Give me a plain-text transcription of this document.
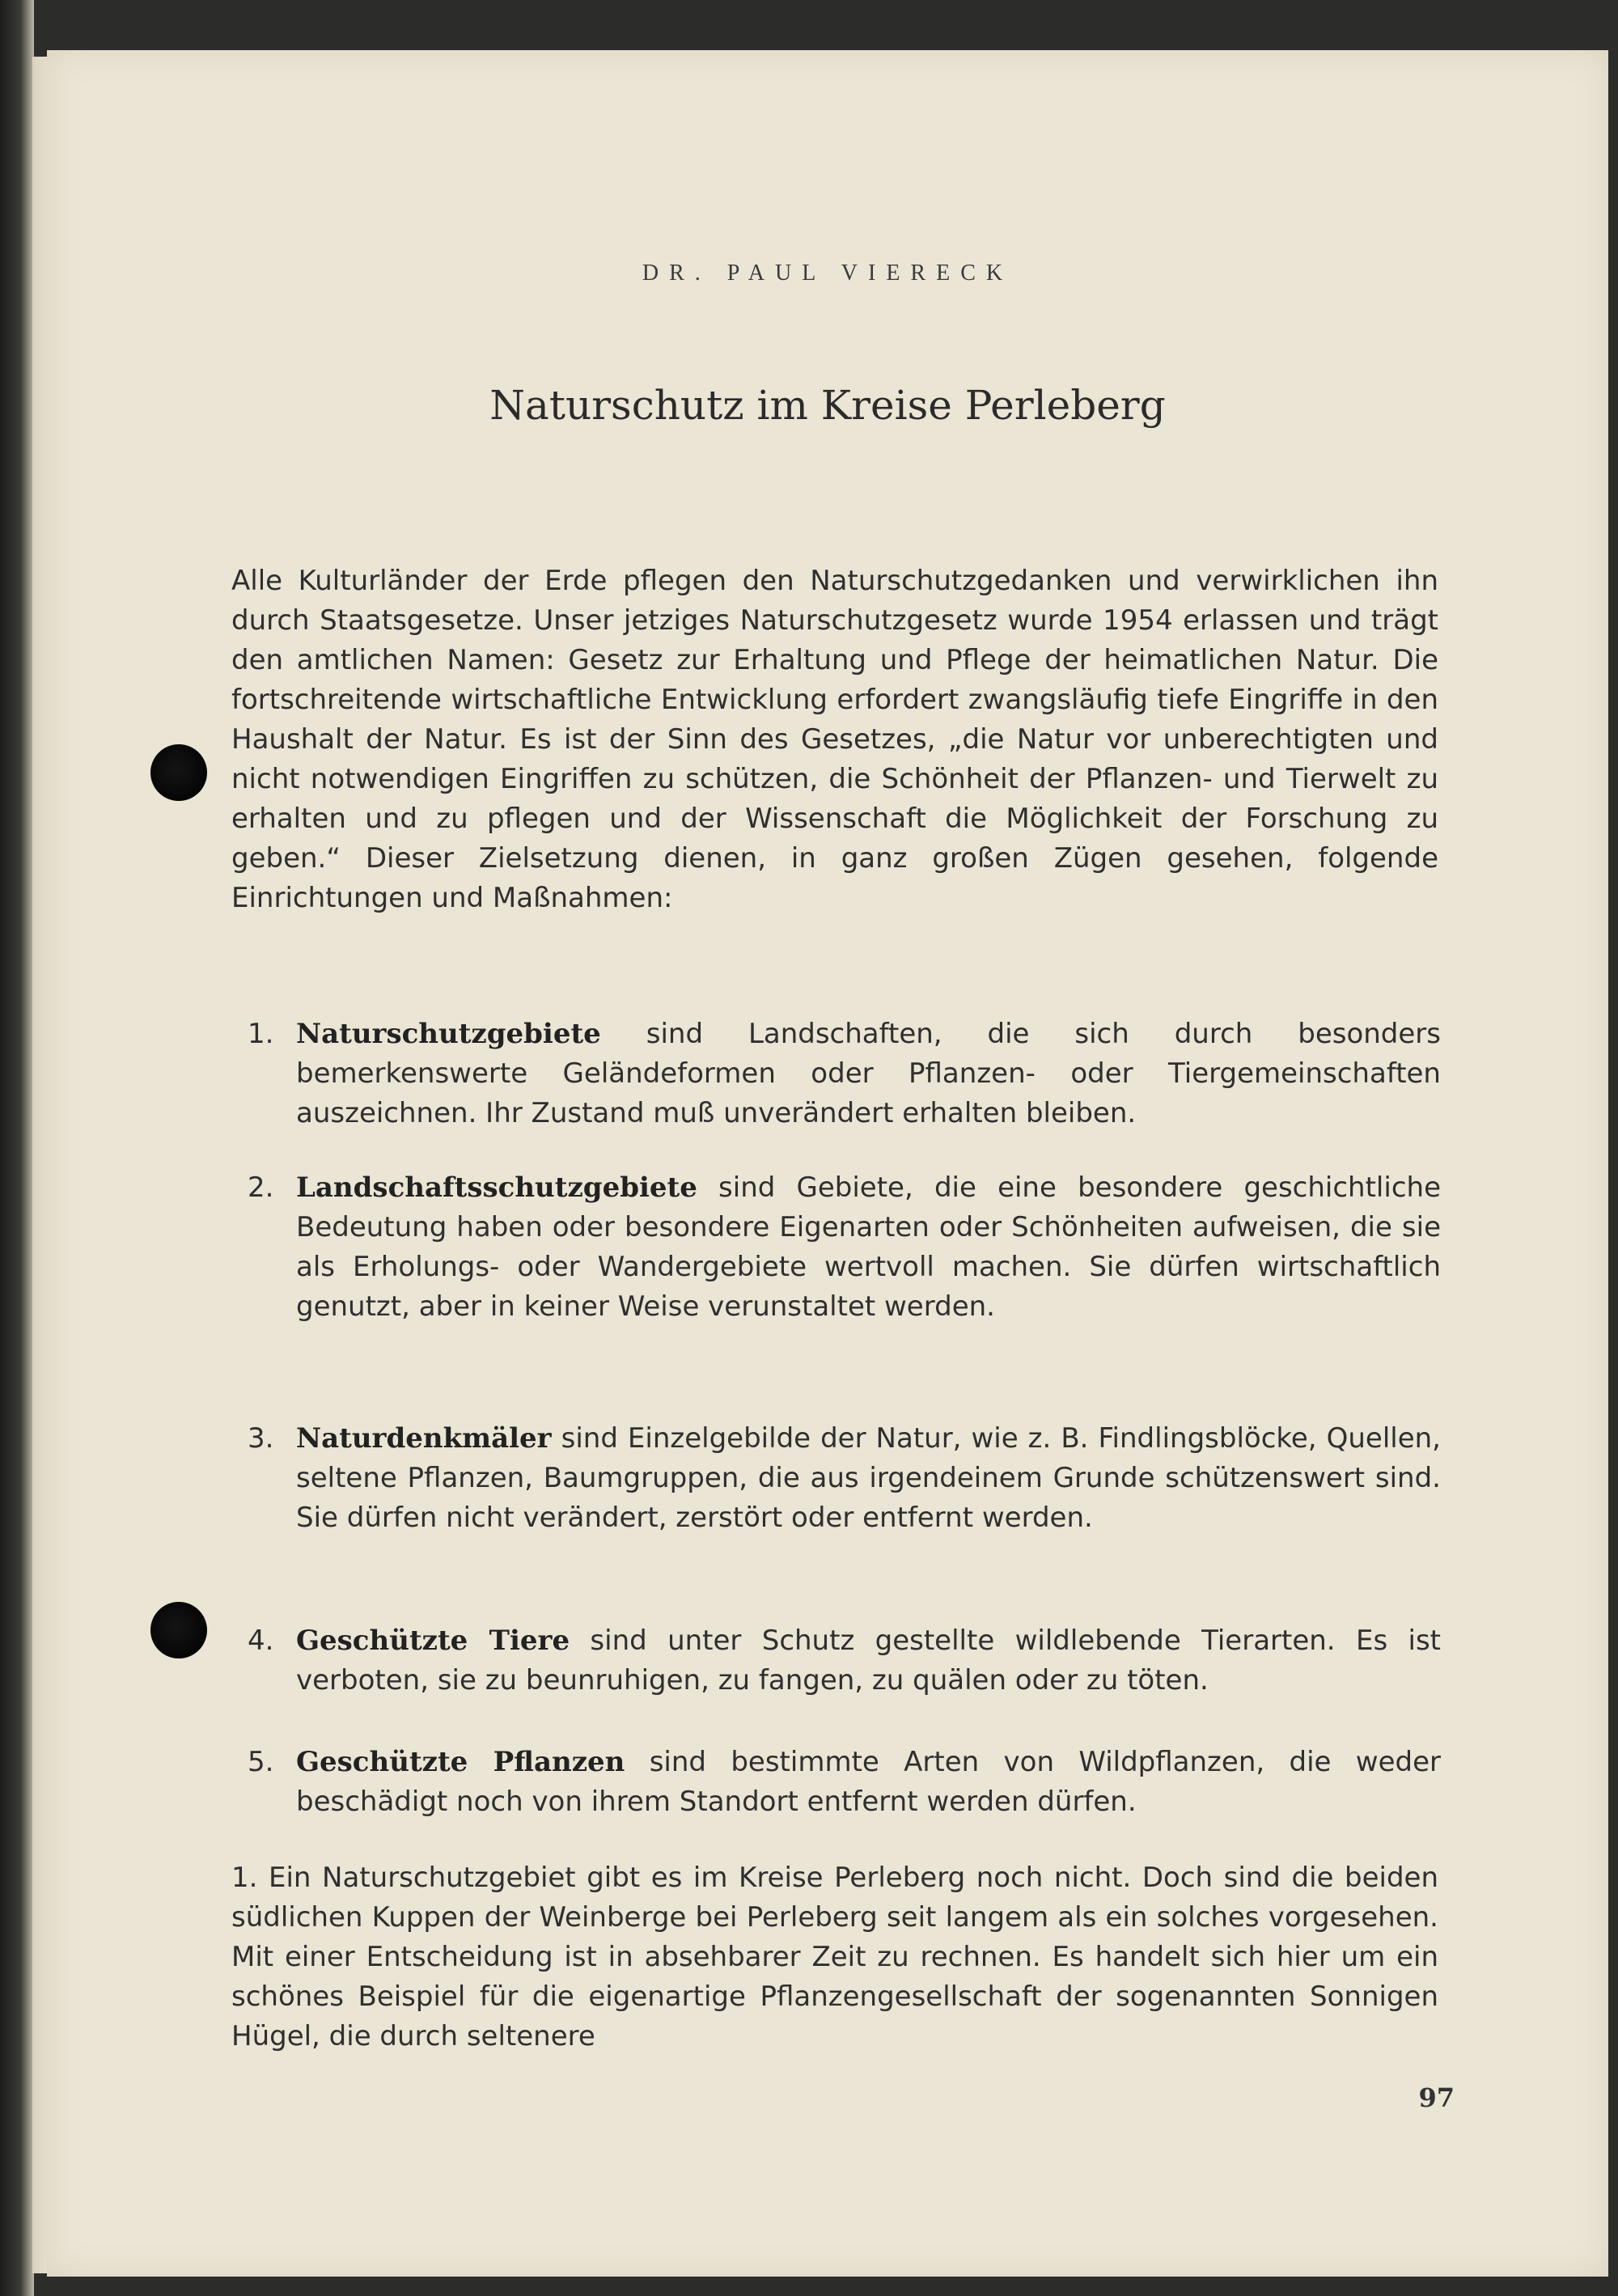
DR. PAUL VIERECK
Naturschutz im Kreise Perleberg

Alle Kulturländer der Erde pflegen den Naturschutzgedanken und verwirklichen ihn durch Staatsgesetze. Unser jetziges Naturschutzgesetz wurde 1954 erlassen und trägt den amtlichen Namen: Gesetz zur Erhaltung und Pflege der heimatlichen Natur. Die fortschreitende wirtschaftliche Entwicklung erfordert zwangsläufig tiefe Eingriffe in den Haushalt der Natur. Es ist der Sinn des Gesetzes, „die Natur vor unberechtigten und nicht notwendigen Eingriffen zu schützen, die Schönheit der Pflanzen- und Tierwelt zu erhalten und zu pflegen und der Wissenschaft die Möglichkeit der Forschung zu geben.“ Dieser Zielsetzung dienen, in ganz großen Zügen gesehen, folgende Einrichtungen und Maßnahmen:

1. Naturschutzgebiete sind Landschaften, die sich durch besonders bemerkenswerte Geländeformen oder Pflanzen- oder Tiergemeinschaften auszeichnen. Ihr Zustand muß unverändert erhalten bleiben.
2. Landschaftsschutzgebiete sind Gebiete, die eine besondere geschichtliche Bedeutung haben oder besondere Eigenarten oder Schönheiten aufweisen, die sie als Erholungs- oder Wandergebiete wertvoll machen. Sie dürfen wirtschaftlich genutzt, aber in keiner Weise verunstaltet werden.
3. Naturdenkmäler sind Einzelgebilde der Natur, wie z. B. Findlingsblöcke, Quellen, seltene Pflanzen, Baumgruppen, die aus irgendeinem Grunde schützenswert sind. Sie dürfen nicht verändert, zerstört oder entfernt werden.
4. Geschützte Tiere sind unter Schutz gestellte wildlebende Tierarten. Es ist verboten, sie zu beunruhigen, zu fangen, zu quälen oder zu töten.
5. Geschützte Pflanzen sind bestimmte Arten von Wildpflanzen, die weder beschädigt noch von ihrem Standort entfernt werden dürfen.

1. Ein Naturschutzgebiet gibt es im Kreise Perleberg noch nicht. Doch sind die beiden südlichen Kuppen der Weinberge bei Perleberg seit langem als ein solches vorgesehen. Mit einer Entscheidung ist in absehbarer Zeit zu rechnen. Es handelt sich hier um ein schönes Beispiel für die eigenartige Pflanzengesellschaft der sogenannten Sonnigen Hügel, die durch seltenere

97
